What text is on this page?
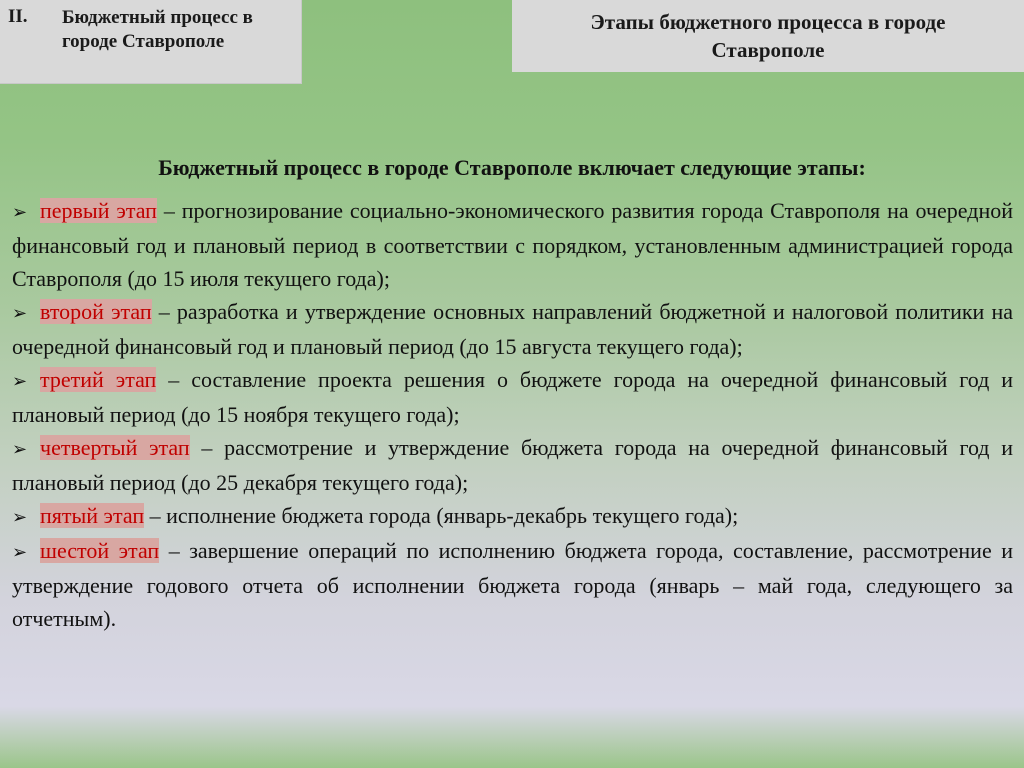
II. Бюджетный процесс в городе Ставрополе
Этапы бюджетного процесса в городе Ставрополе
Бюджетный процесс в городе Ставрополе включает следующие этапы:
➢ первый этап – прогнозирование социально-экономического развития города Ставрополя на очередной финансовый год и плановый период в соответствии с порядком, установленным администрацией города Ставрополя (до 15 июля текущего года);
➢ второй этап – разработка и утверждение основных направлений бюджетной и налоговой политики на очередной финансовый год и плановый период (до 15 августа текущего года);
➢ третий этап – составление проекта решения о бюджете города на очередной финансовый год и плановый период (до 15 ноября текущего года);
➢ четвертый этап – рассмотрение и утверждение бюджета города на очередной финансовый год и плановый период (до 25 декабря текущего года);
➢ пятый этап – исполнение бюджета города (январь-декабрь текущего года);
➢ шестой этап – завершение операций по исполнению бюджета города, составление, рассмотрение и утверждение годового отчета об исполнении бюджета города (январь – май года, следующего за отчетным).
